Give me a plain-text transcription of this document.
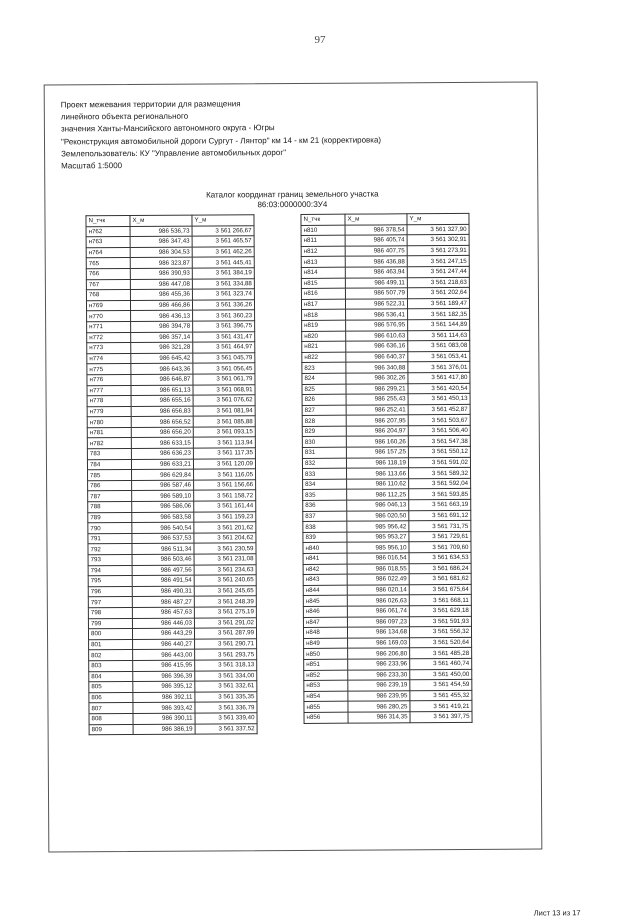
97
Проект межевания территории для размещения
линейного объекта регионального
значения Ханты-Мансийского автономного округа - Югры
"Реконструкция автомобильной дороги Сургут - Лянтор" км 14 - км 21 (корректировка)
Землепользователь: КУ "Управление автомобильных дорог"
Масштаб 1:5000
Каталог координат границ земельного участка
86:03:0000000:ЗУ4
N_тчк	X_м	Y_м
н762	986 536,73	3 561 266,67
н763	986 347,43	3 561 465,57
н764	986 304,53	3 561 462,26
765	986 323,87	3 561 445,41
766	986 390,93	3 561 384,19
767	986 447,08	3 561 334,88
768	986 455,36	3 561 323,74
н769	986 466,86	3 561 336,26
н770	986 436,13	3 561 360,23
н771	986 394,78	3 561 396,75
н772	986 357,14	3 561 431,47
н773	986 321,28	3 561 464,97
н774	986 645,42	3 561 045,79
н775	986 643,36	3 561 056,45
н776	986 646,87	3 561 061,79
н777	986 651,13	3 561 068,91
н778	986 655,16	3 561 076,62
н779	986 656,83	3 561 081,94
н780	986 656,52	3 561 085,88
н781	986 656,20	3 561 093,15
н782	986 633,15	3 561 113,94
783	986 636,23	3 561 117,35
784	986 633,21	3 561 120,09
785	986 629,84	3 561 116,05
786	986 587,46	3 561 156,66
787	986 589,10	3 561 158,72
788	986 586,06	3 561 161,44
789	986 583,58	3 561 159,23
790	986 540,54	3 561 201,62
791	986 537,53	3 561 204,62
792	986 511,34	3 561 230,59
793	986 503,46	3 561 231,08
794	986 497,56	3 561 234,63
795	986 491,54	3 561 240,65
796	986 490,31	3 561 245,65
797	986 487,27	3 561 248,39
798	986 457,63	3 561 275,19
799	986 446,03	3 561 291,02
800	986 443,29	3 561 287,99
801	986 440,27	3 561 290,71
802	986 443,00	3 561 293,75
803	986 415,95	3 561 318,13
804	986 396,39	3 561 334,00
805	986 395,12	3 561 332,61
806	986 392,11	3 561 335,35
807	986 393,42	3 561 336,79
808	986 390,11	3 561 339,40
809	986 386,19	3 561 337,52
N_тчк	X_м	Y_м
н810	986 378,54	3 561 327,90
н811	986 405,74	3 561 302,91
н812	986 407,75	3 561 273,91
н813	986 436,88	3 561 247,15
н814	986 463,94	3 561 247,44
н815	986 499,11	3 561 218,63
н816	986 507,79	3 561 202,64
н817	986 522,31	3 561 189,47
н818	986 536,41	3 561 182,35
н819	986 576,95	3 561 144,89
н820	986 610,63	3 561 114,63
н821	986 636,16	3 561 083,08
н822	986 640,37	3 561 053,41
823	986 340,88	3 561 376,01
824	986 302,26	3 561 417,80
825	986 299,21	3 561 420,54
826	986 255,43	3 561 450,13
827	986 252,41	3 561 452,87
828	986 207,95	3 561 503,67
829	986 204,97	3 561 506,40
830	986 160,26	3 561 547,38
831	986 157,25	3 561 550,12
832	986 118,19	3 561 591,02
833	986 113,66	3 561 589,32
834	986 110,62	3 561 592,04
835	986 112,25	3 561 593,85
836	986 046,13	3 561 663,19
837	986 020,50	3 561 691,12
838	985 956,42	3 561 731,75
839	985 953,27	3 561 729,61
н840	985 956,10	3 561 709,60
н841	986 016,54	3 561 634,53
н842	986 018,55	3 561 686,24
н843	986 022,49	3 561 681,62
н844	986 020,14	3 561 675,64
н845	986 026,63	3 561 668,11
н846	986 061,74	3 561 629,18
н847	986 097,23	3 561 591,93
н848	986 134,68	3 561 556,32
н849	986 169,03	3 561 520,64
н850	986 206,80	3 561 485,28
н851	986 233,96	3 561 460,74
н852	986 233,30	3 561 450,00
н853	986 239,19	3 561 454,59
н854	986 239,95	3 561 455,32
н855	986 280,25	3 561 419,21
н856	986 314,35	3 561 397,75
Лист 13 из 17
